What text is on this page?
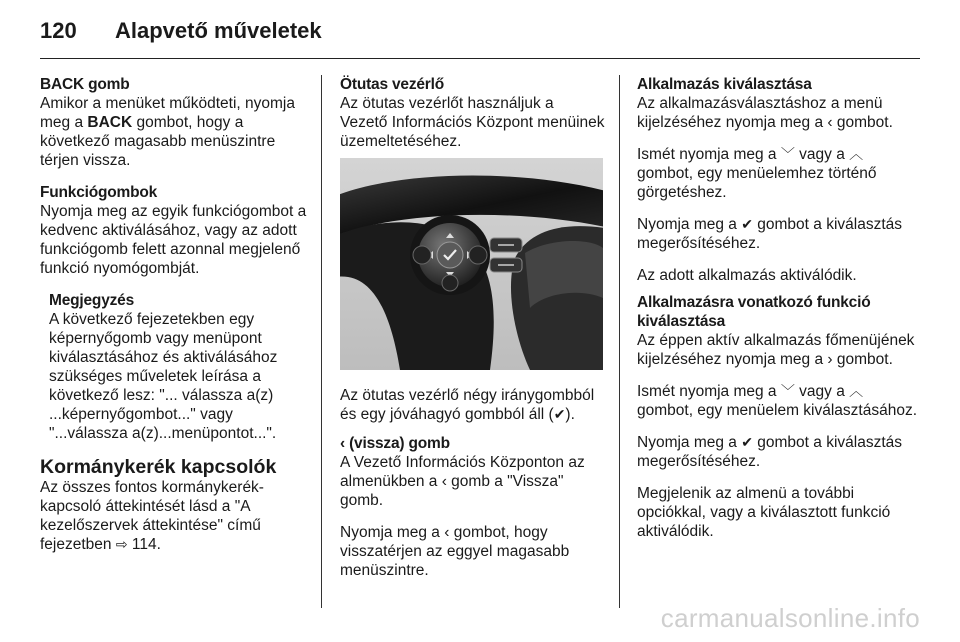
120 Alapvető műveletek
BACK gomb

Amikor a menüket működteti, nyomja meg a BACK gombot, hogy a következő magasabb menüszintre térjen vissza.

Funkciógombok

Nyomja meg az egyik funkciógombot a kedvenc aktiválásához, vagy az adott funkciógomb felett azonnal megjelenő funkció nyomógombját.

Megjegyzés

A következő fejezetekben egy képernyőgomb vagy menüpont kiválasztásához és aktiválásához szükséges műveletek leírása a következő lesz: "... válassza a(z) ...képernyőgombot..." vagy "...válassza a(z)...menüpontot...".

Kormánykerék kapcsolók

Az összes fontos kormánykerék-kapcsoló áttekintését lásd a "A kezelőszervek áttekintése" című fejezetben ⇨ 114.

Ötutas vezérlő

Az ötutas vezérlőt használjuk a Vezető Információs Központ menüinek üzemeltetéséhez.

Az ötutas vezérlő négy iránygombból és egy jóváhagyó gombból áll (✔).

‹ (vissza) gomb

A Vezető Információs Központon az almenükben a ‹ gomb a "Vissza" gomb.

Nyomja meg a ‹ gombot, hogy visszatérjen az eggyel magasabb menüszintre.

Alkalmazás kiválasztása

Az alkalmazásválasztáshoz a menü kijelzéséhez nyomja meg a ‹ gombot.

Ismét nyomja meg a ﹀ vagy a ︿
gombot, egy menüelemhez történő görgetéshez.

Nyomja meg a ✔ gombot a kiválasztás megerősítéséhez.

Az adott alkalmazás aktiválódik.

Alkalmazásra vonatkozó funkció kiválasztása

Az éppen aktív alkalmazás főmenüjének kijelzéséhez nyomja meg a › gombot.

Ismét nyomja meg a ﹀ vagy a ︿
gombot, egy menüelem kiválasztásához.

Nyomja meg a ✔ gombot a kiválasztás megerősítéséhez.

Megjelenik az almenü a további opciókkal, vagy a kiválasztott funkció aktiválódik.

carmanualsonline.info
